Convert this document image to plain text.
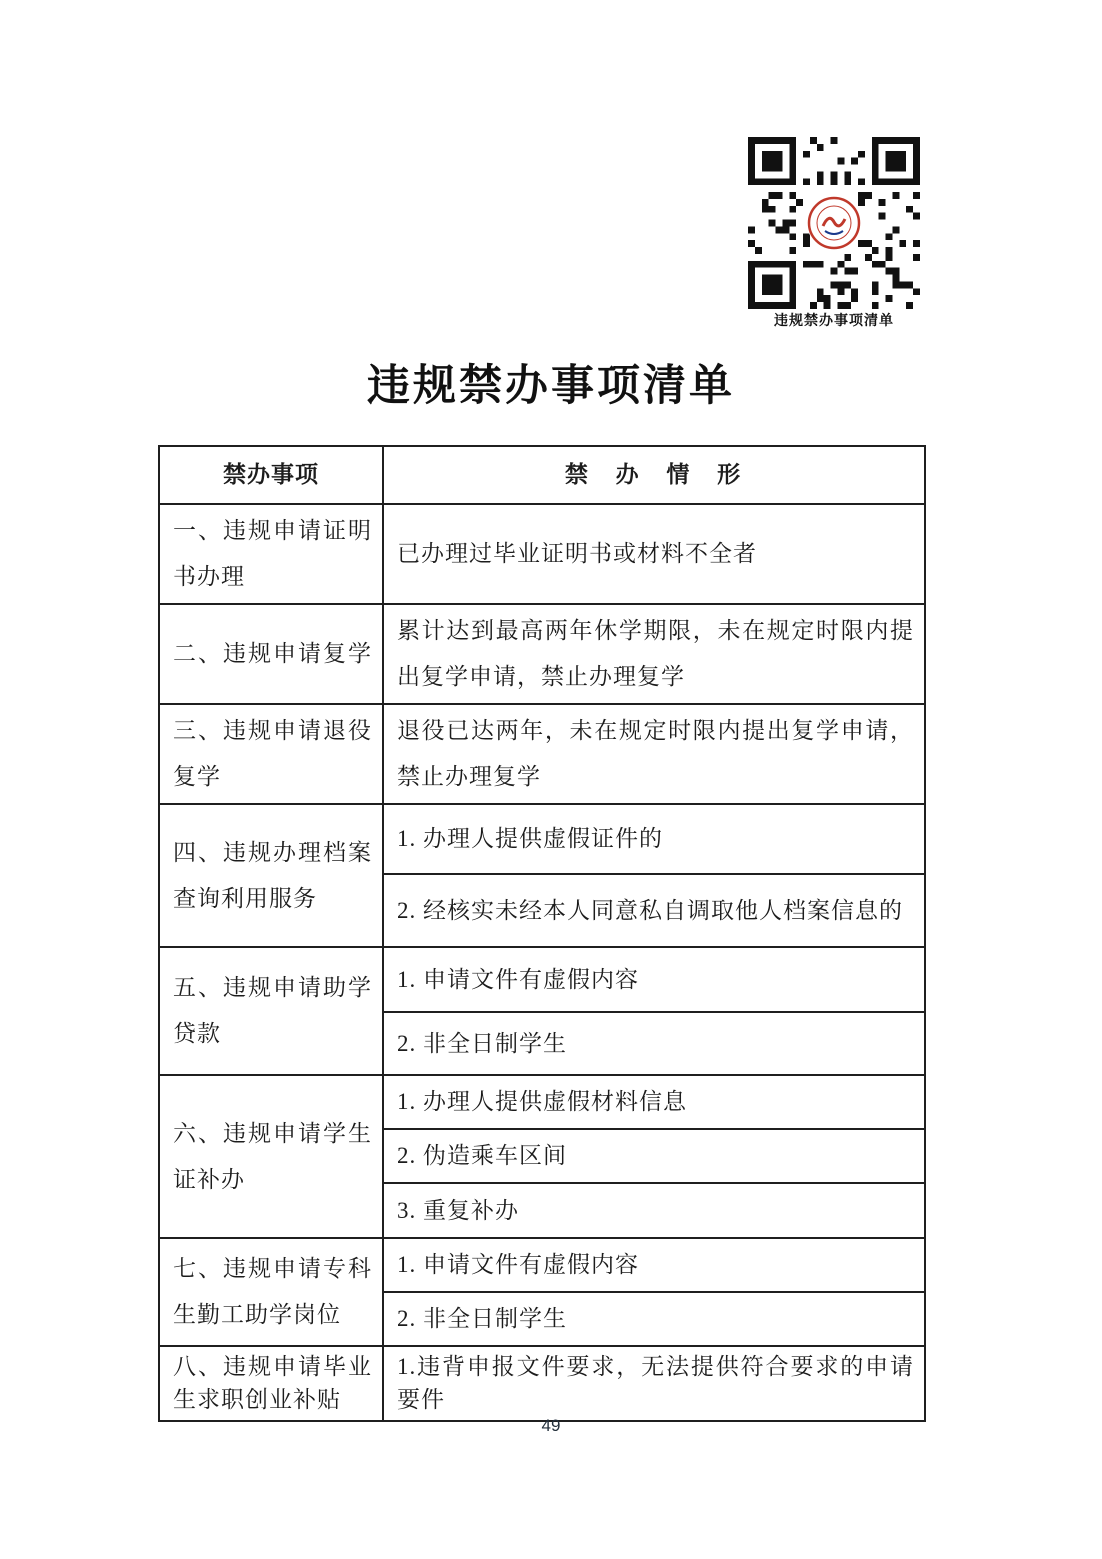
违规禁办事项清单
违规禁办事项清单
禁办事项	禁 办 情 形
一、违规申请证明书办理	已办理过毕业证明书或材料不全者
二、违规申请复学	累计达到最高两年休学期限，未在规定时限内提出复学申请，禁止办理复学
三、违规申请退役复学	退役已达两年，未在规定时限内提出复学申请，禁止办理复学
四、违规办理档案查询利用服务	1. 办理人提供虚假证件的
	2. 经核实未经本人同意私自调取他人档案信息的
五、违规申请助学贷款	1. 申请文件有虚假内容
	2. 非全日制学生
六、违规申请学生证补办	1. 办理人提供虚假材料信息
	2. 伪造乘车区间
	3. 重复补办
七、违规申请专科生勤工助学岗位	1. 申请文件有虚假内容
	2. 非全日制学生
八、违规申请毕业生求职创业补贴	1.违背申报文件要求，无法提供符合要求的申请要件
49
